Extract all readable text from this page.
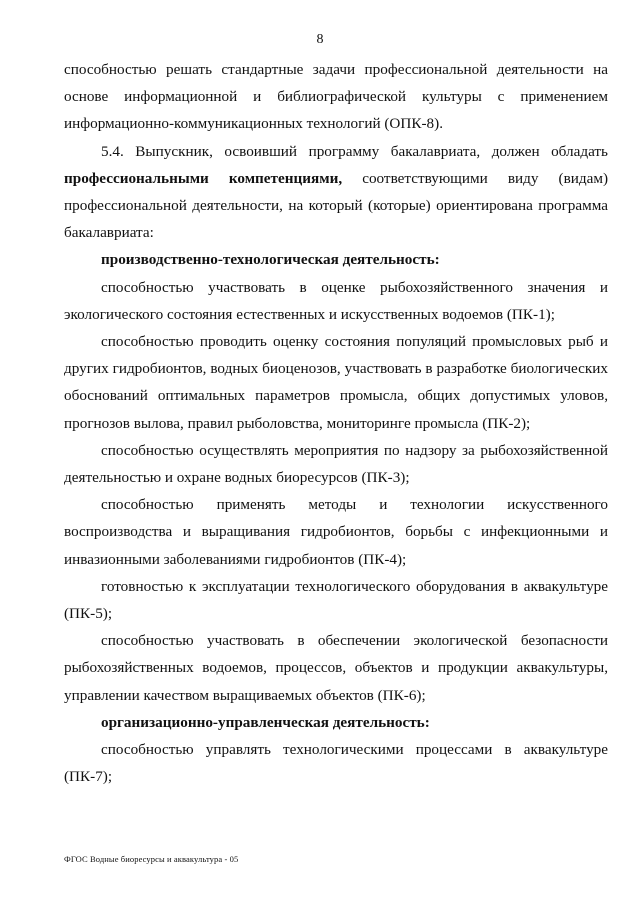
8

способностью решать стандартные задачи профессиональной деятельности на основе информационной и библиографической культуры с применением информационно-коммуникационных технологий (ОПК-8).

5.4. Выпускник, освоивший программу бакалавриата, должен обладать профессиональными компетенциями, соответствующими виду (видам) профессиональной деятельности, на который (которые) ориентирована программа бакалавриата:

производственно-технологическая деятельность:

способностью участвовать в оценке рыбохозяйственного значения и экологического состояния естественных и искусственных водоемов (ПК-1);

способностью проводить оценку состояния популяций промысловых рыб и других гидробионтов, водных биоценозов, участвовать в разработке биологических обоснований оптимальных параметров промысла, общих допустимых уловов, прогнозов вылова, правил рыболовства, мониторинге промысла (ПК-2);

способностью осуществлять мероприятия по надзору за рыбохозяйственной деятельностью и охране водных биоресурсов (ПК-3);

способностью применять методы и технологии искусственного воспроизводства и выращивания гидробионтов, борьбы с инфекционными и инвазионными заболеваниями гидробионтов (ПК-4);

готовностью к эксплуатации технологического оборудования в аквакультуре (ПК-5);

способностью участвовать в обеспечении экологической безопасности рыбохозяйственных водоемов, процессов, объектов и продукции аквакультуры, управлении качеством выращиваемых объектов (ПК-6);

организационно-управленческая деятельность:

способностью управлять технологическими процессами в аквакультуре (ПК-7);

ФГОС Водные биоресурсы и аквакультура - 05
